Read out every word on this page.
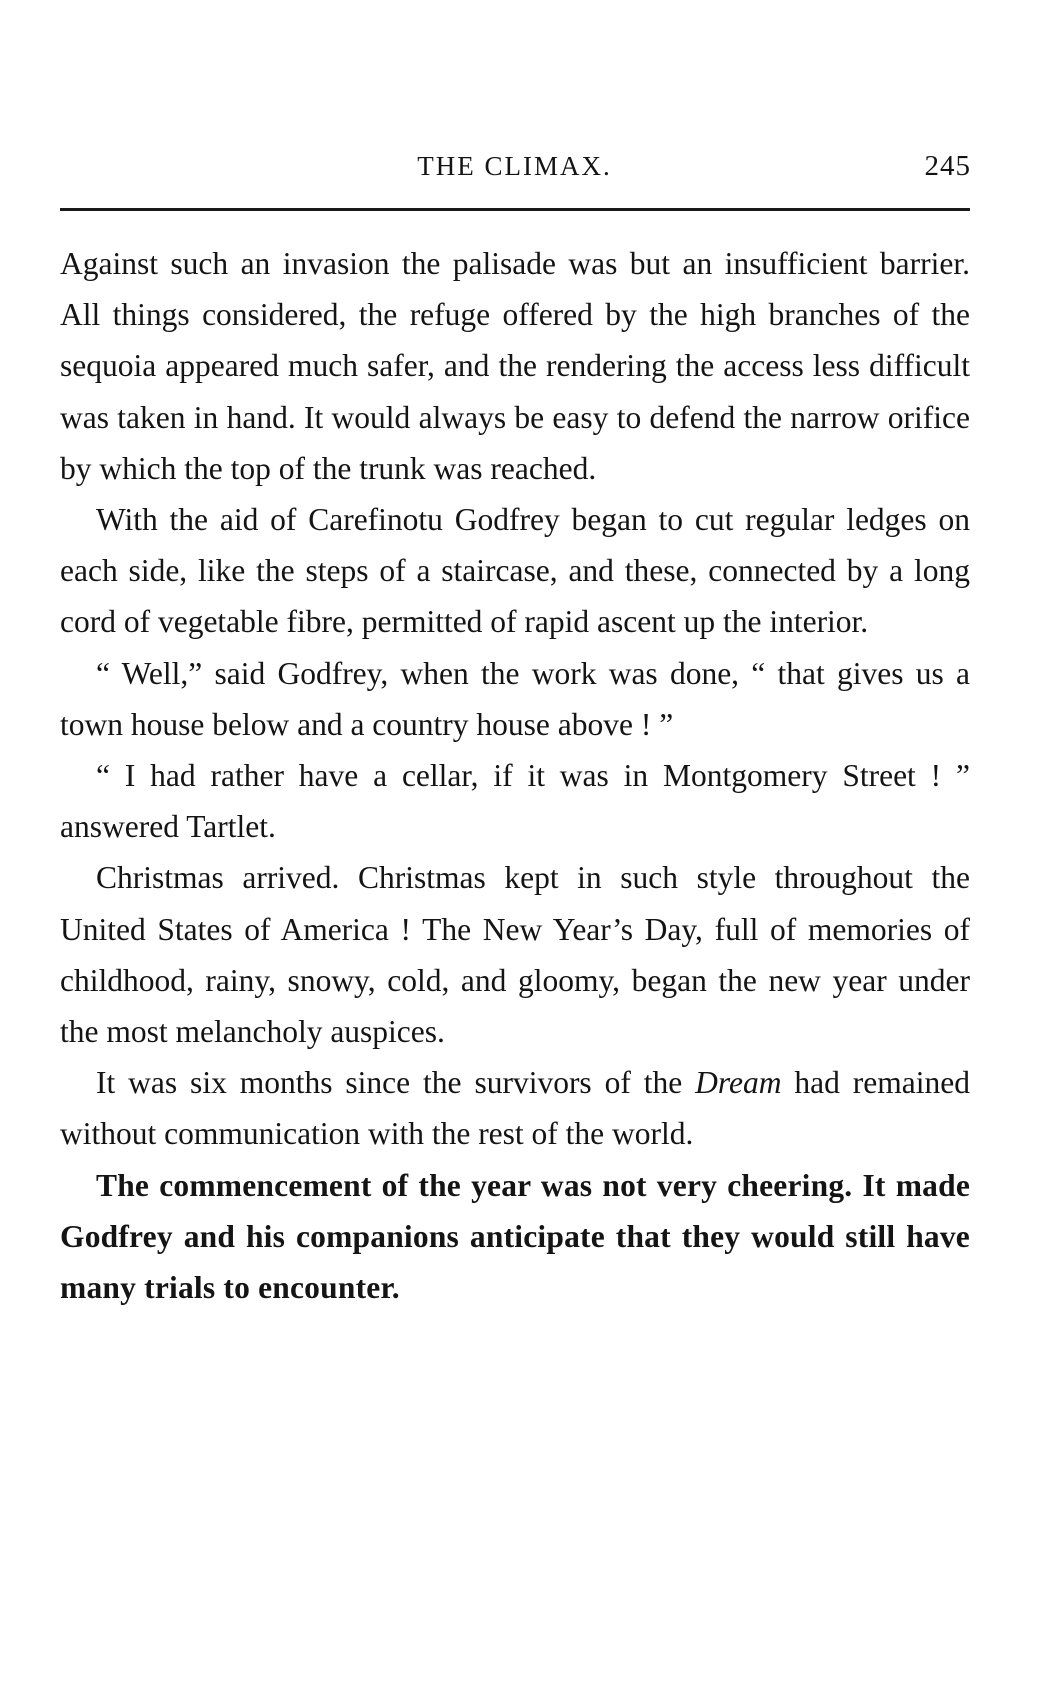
THE CLIMAX.	245

Against such an invasion the palisade was but an insufficient barrier. All things considered, the refuge offered by the high branches of the sequoia appeared much safer, and the rendering the access less difficult was taken in hand. It would always be easy to defend the narrow orifice by which the top of the trunk was reached.

With the aid of Carefinotu Godfrey began to cut regular ledges on each side, like the steps of a staircase, and these, connected by a long cord of vegetable fibre, permitted of rapid ascent up the interior.

“ Well,” said Godfrey, when the work was done, “ that gives us a town house below and a country house above ! ”

“ I had rather have a cellar, if it was in Montgomery Street ! ” answered Tartlet.

Christmas arrived. Christmas kept in such style throughout the United States of America ! The New Year’s Day, full of memories of childhood, rainy, snowy, cold, and gloomy, began the new year under the most melancholy auspices.

It was six months since the survivors of the Dream had remained without communication with the rest of the world.

The commencement of the year was not very cheering. It made Godfrey and his companions anticipate that they would still have many trials to encounter.
